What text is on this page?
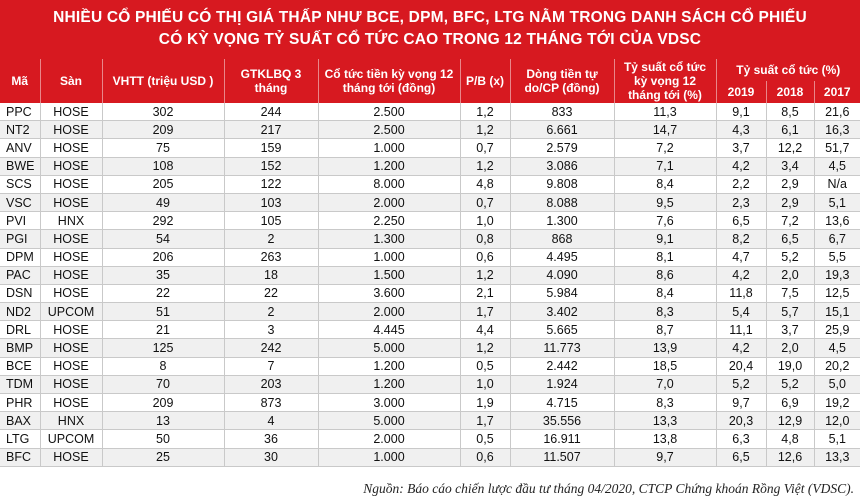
NHIỀU CỔ PHIẾU CÓ THỊ GIÁ THẤP NHƯ BCE, DPM, BFC, LTG NẰM TRONG DANH SÁCH CỔ PHIẾU
CÓ KỲ VỌNG TỶ SUẤT CỔ TỨC CAO TRONG 12 THÁNG TỚI CỦA VDSC
Mã	Sàn	VHTT (triệu USD )	GTKLBQ 3 tháng	Cổ tức tiền kỳ vọng 12 tháng tới (đồng)	P/B (x)	Dòng tiền tự do/CP (đồng)	Tỷ suất cổ tức kỳ vọng 12 tháng tới (%)	Tỷ suất cổ tức (%)		
								2019	2018	2017
PPC	HOSE	302	244	2.500	1,2	833	11,3	9,1	8,5	21,6
NT2	HOSE	209	217	2.500	1,2	6.661	14,7	4,3	6,1	16,3
ANV	HOSE	75	159	1.000	0,7	2.579	7,2	3,7	12,2	51,7
BWE	HOSE	108	152	1.200	1,2	3.086	7,1	4,2	3,4	4,5
SCS	HOSE	205	122	8.000	4,8	9.808	8,4	2,2	2,9	N/a
VSC	HOSE	49	103	2.000	0,7	8.088	9,5	2,3	2,9	5,1
PVI	HNX	292	105	2.250	1,0	1.300	7,6	6,5	7,2	13,6
PGI	HOSE	54	2	1.300	0,8	868	9,1	8,2	6,5	6,7
DPM	HOSE	206	263	1.000	0,6	4.495	8,1	4,7	5,2	5,5
PAC	HOSE	35	18	1.500	1,2	4.090	8,6	4,2	2,0	19,3
DSN	HOSE	22	22	3.600	2,1	5.984	8,4	11,8	7,5	12,5
ND2	UPCOM	51	2	2.000	1,7	3.402	8,3	5,4	5,7	15,1
DRL	HOSE	21	3	4.445	4,4	5.665	8,7	11,1	3,7	25,9
BMP	HOSE	125	242	5.000	1,2	11.773	13,9	4,2	2,0	4,5
BCE	HOSE	8	7	1.200	0,5	2.442	18,5	20,4	19,0	20,2
TDM	HOSE	70	203	1.200	1,0	1.924	7,0	5,2	5,2	5,0
PHR	HOSE	209	873	3.000	1,9	4.715	8,3	9,7	6,9	19,2
BAX	HNX	13	4	5.000	1,7	35.556	13,3	20,3	12,9	12,0
LTG	UPCOM	50	36	2.000	0,5	16.911	13,8	6,3	4,8	5,1
BFC	HOSE	25	30	1.000	0,6	11.507	9,7	6,5	12,6	13,3
Nguồn: Báo cáo chiến lược đầu tư tháng 04/2020, CTCP Chứng khoán Rồng Việt (VDSC).
